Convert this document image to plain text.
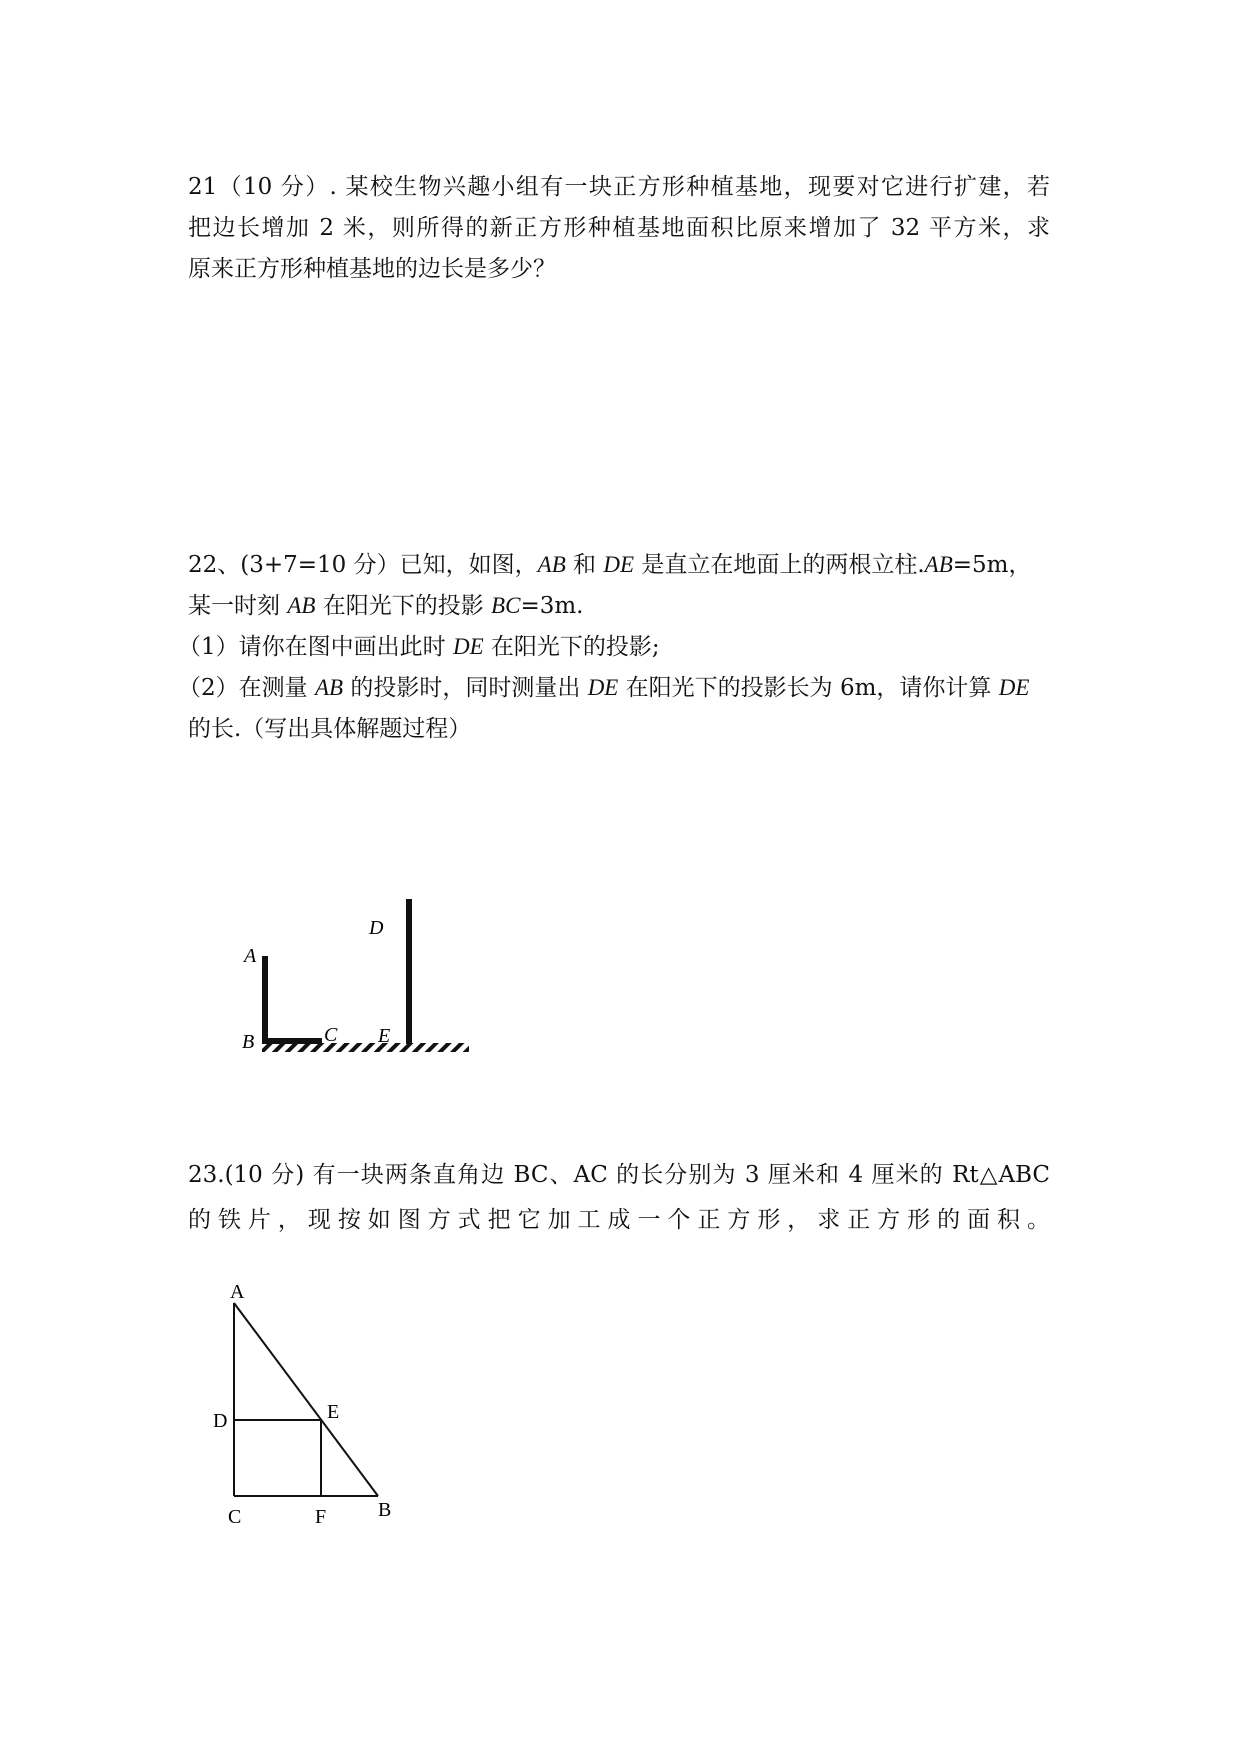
21（10 分）. 某校生物兴趣小组有一块正方形种植基地，现要对它进行扩建，若
把边长增加 2 米，则所得的新正方形种植基地面积比原来增加了 32 平方米，求
原来正方形种植基地的边长是多少？
22、(3+7=10 分）已知，如图，AB 和 DE 是直立在地面上的两根立柱.AB=5m，
某一时刻 AB 在阳光下的投影 BC=3m.
（1）请你在图中画出此时 DE 在阳光下的投影;
（2）在测量 AB 的投影时，同时测量出 DE 在阳光下的投影长为 6m，请你计算 DE
的长.（写出具体解题过程）
A
B	C
D
E
23.(10 分) 有一块两条直角边 BC、AC 的长分别为 3 厘米和 4 厘米的 Rt△ABC
的铁片，现按如图方式把它加工成一个正方形，求正方形的面积。
A
D	E
C	F	B
